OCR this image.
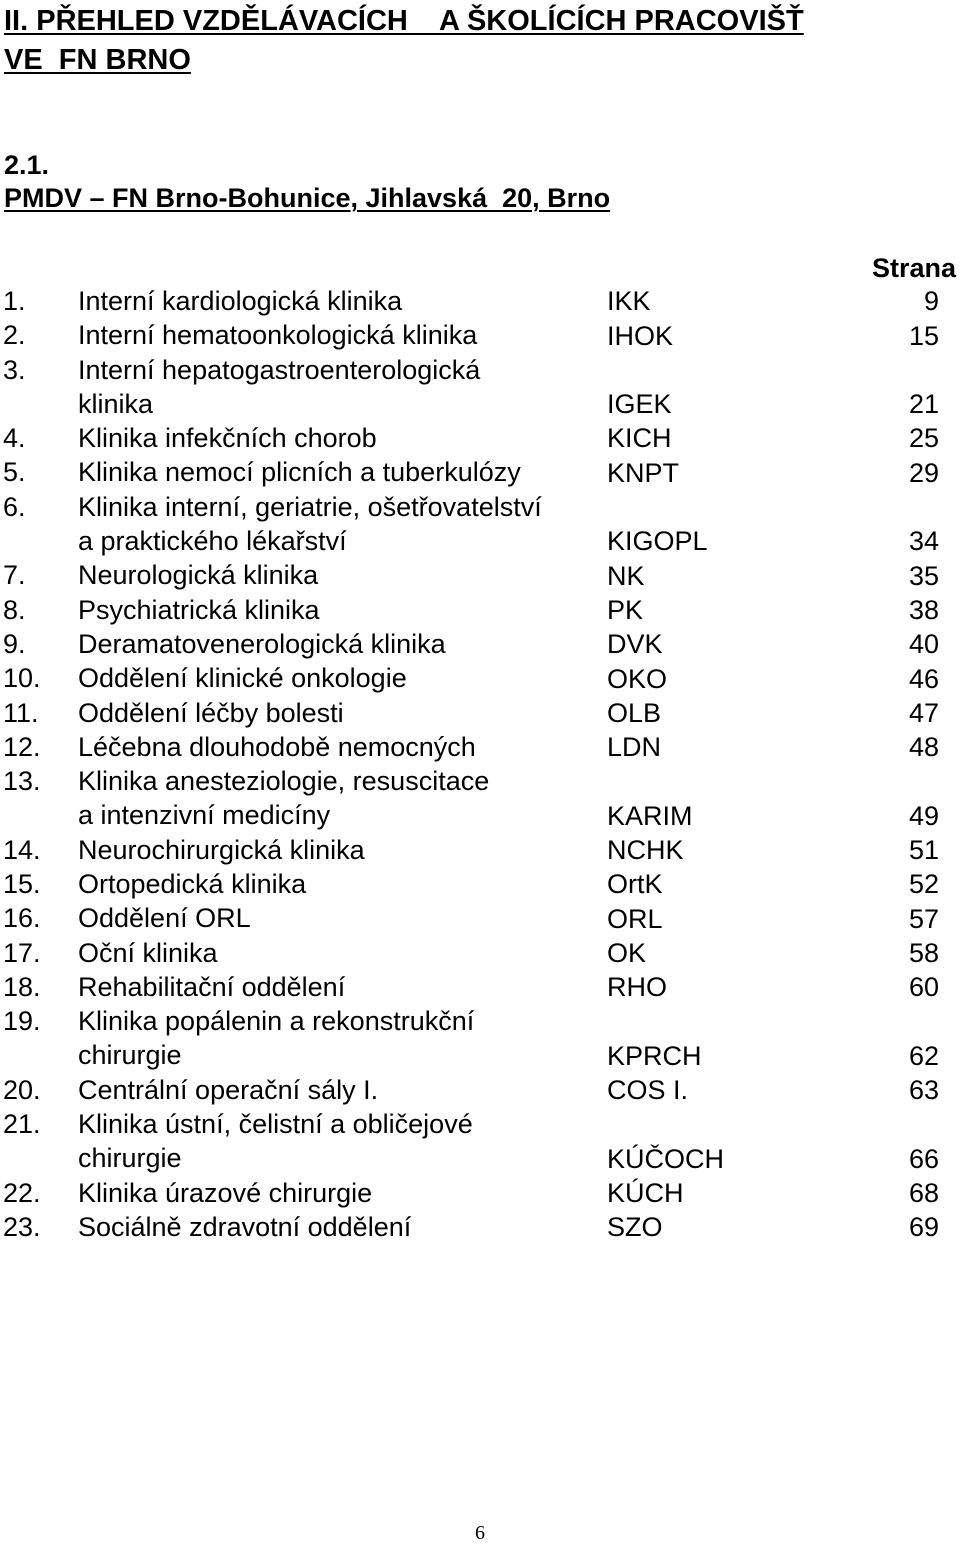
II. PŘEHLED VZDĚLÁVACÍCH    A ŠKOLÍCÍCH PRACOVIŠŤ
VE  FN BRNO
2.1.
PMDV – FN Brno-Bohunice, Jihlavská  20, Brno
Strana
1.	Interní kardiologická klinika	IKK	9
2.	Interní hematoonkologická klinika	IHOK	15
3.	Interní hepatogastroenterologická
klinika	IGEK	21
4.	Klinika infekčních chorob	KICH	25
5.	Klinika nemocí plicních a tuberkulózy	KNPT	29
6.	Klinika interní, geriatrie, ošetřovatelství
a praktického lékařství	KIGOPL	34
7.	Neurologická klinika	NK	35
8.	Psychiatrická klinika	PK	38
9.	Deramatovenerologická klinika	DVK	40
10.	Oddělení klinické onkologie	OKO	46
11.	Oddělení léčby bolesti	OLB	47
12.	Léčebna dlouhodobě nemocných	LDN	48
13.	Klinika anesteziologie, resuscitace
a intenzivní medicíny	KARIM	49
14.	Neurochirurgická klinika	NCHK	51
15.	Ortopedická klinika	OrtK	52
16.	Oddělení ORL	ORL	57
17.	Oční klinika	OK	58
18.	Rehabilitační oddělení	RHO	60
19.	Klinika popálenin a rekonstrukční
chirurgie	KPRCH	62
20.	Centrální operační sály I.	COS I.	63
21.	Klinika ústní, čelistní a obličejové
chirurgie	KÚČOCH	66
22.	Klinika úrazové chirurgie	KÚCH	68
23.	Sociálně zdravotní oddělení	SZO	69
6
